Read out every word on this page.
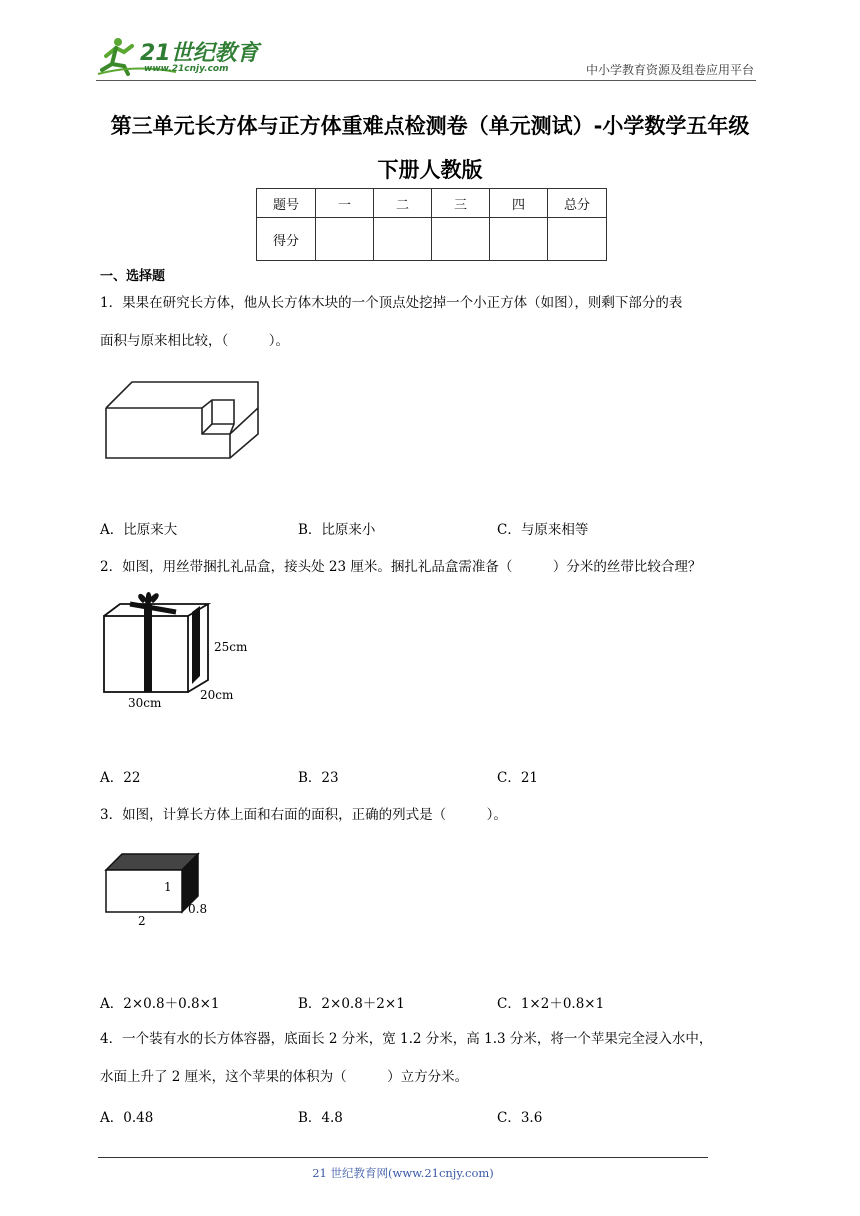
21世纪教育
www.21cnjy.com	中小学教育资源及组卷应用平台
第三单元长方体与正方体重难点检测卷（单元测试）-小学数学五年级
下册人教版
题号	一	二	三	四	总分
得分					
一、选择题
1．果果在研究长方体，他从长方体木块的一个顶点处挖掉一个小正方体（如图），则剩下部分的表
面积与原来相比较，（　　　）。
A．比原来大	B．比原来小	C．与原来相等
2．如图，用丝带捆扎礼品盒，接头处 23 厘米。捆扎礼品盒需准备（　　　）分米的丝带比较合理？
25cm
20cm
30cm
A．22	B．23	C．21
3．如图，计算长方体上面和右面的面积，正确的列式是（　　　）。
1
0.8
2
A．2×0.8＋0.8×1	B．2×0.8＋2×1	C．1×2＋0.8×1
4．一个装有水的长方体容器，底面长 2 分米，宽 1.2 分米，高 1.3 分米，将一个苹果完全浸入水中，
水面上升了 2 厘米，这个苹果的体积为（　　　）立方分米。
A．0.48	B．4.8	C．3.6
21 世纪教育网(www.21cnjy.com)
